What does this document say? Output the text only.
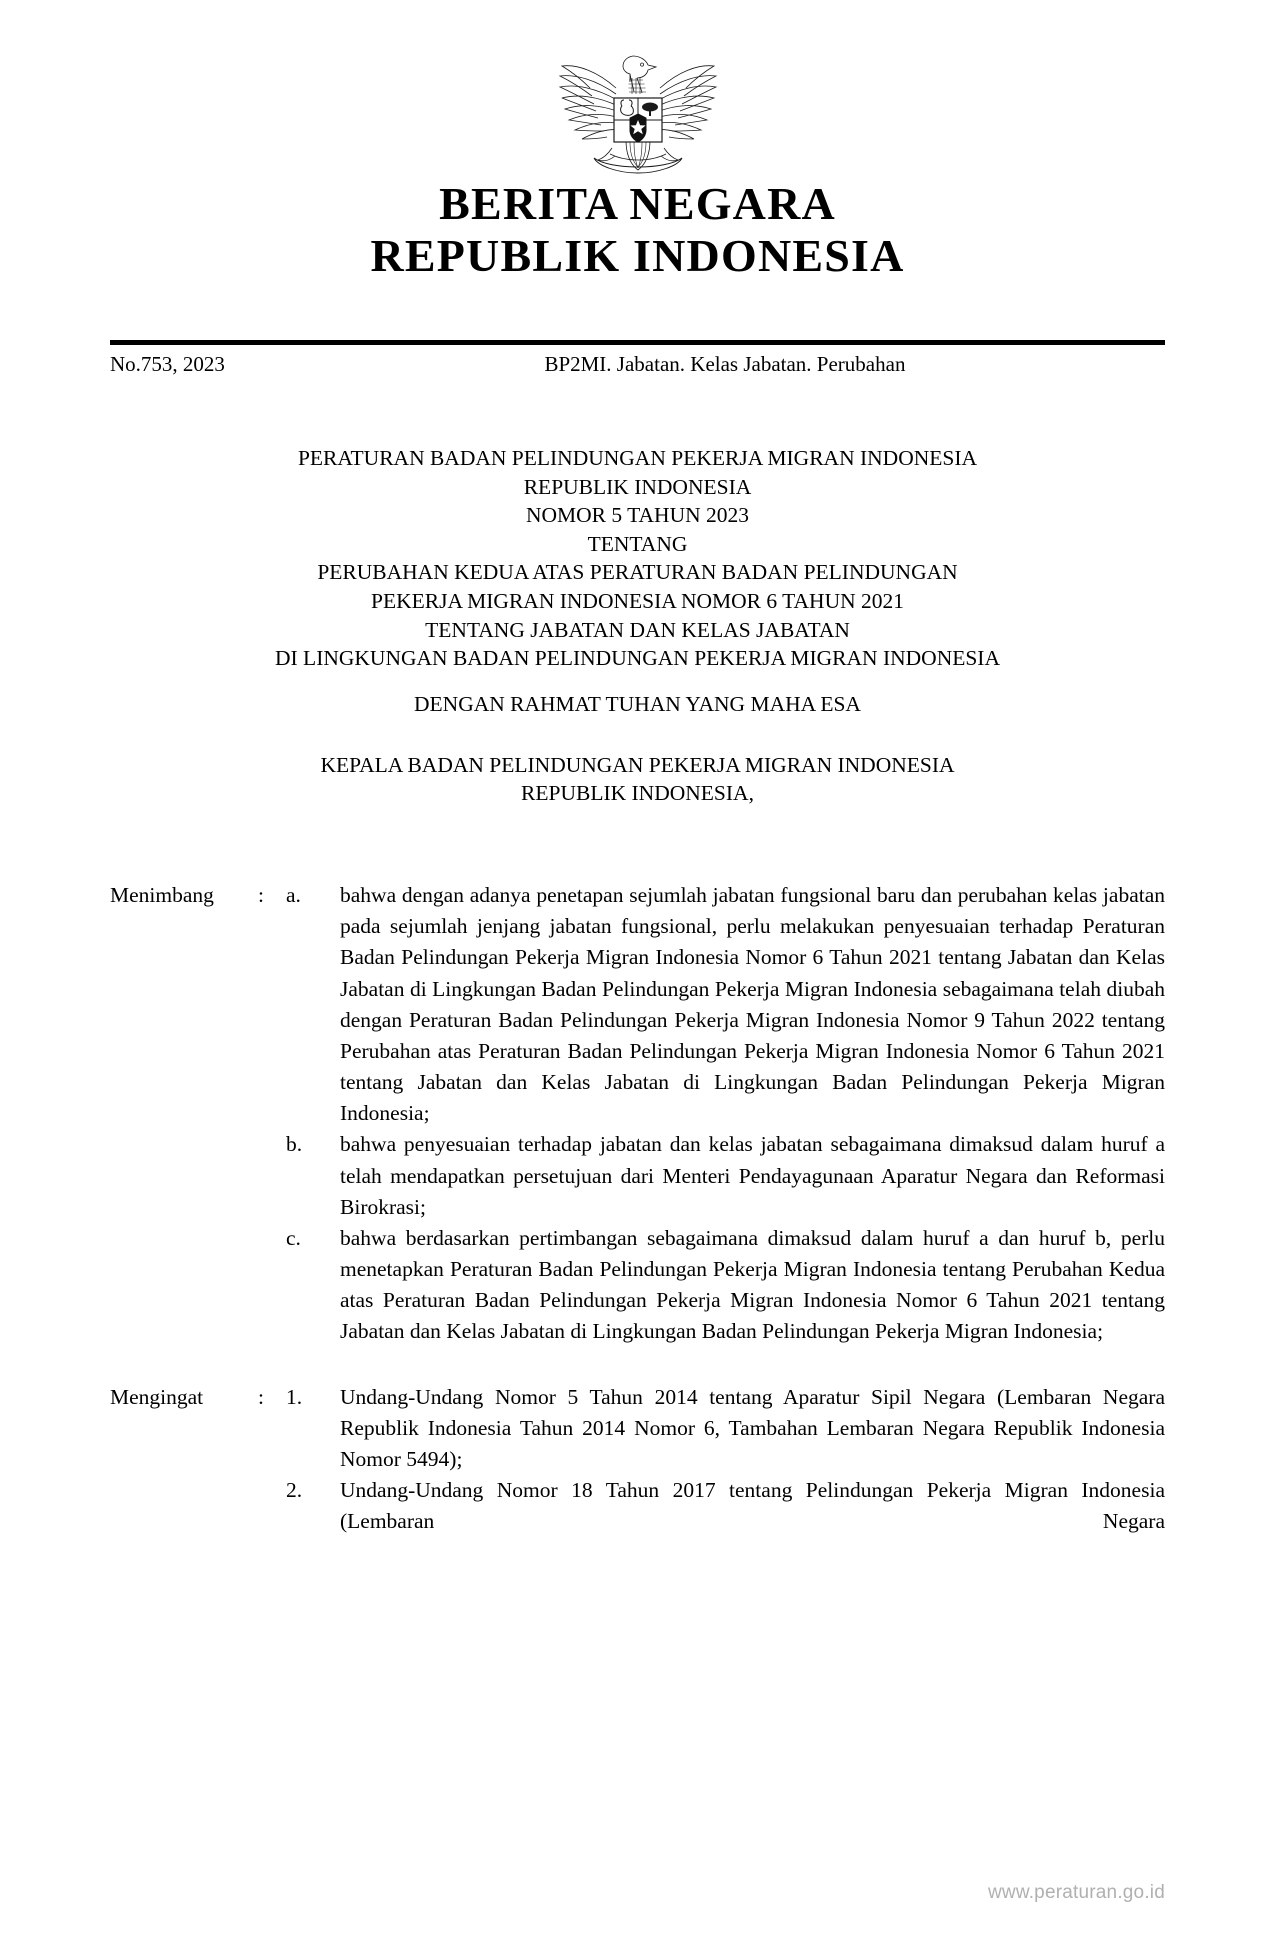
BERITA NEGARA
REPUBLIK INDONESIA
No.753, 2023	BP2MI. Jabatan. Kelas Jabatan. Perubahan
PERATURAN BADAN PELINDUNGAN PEKERJA MIGRAN INDONESIA
REPUBLIK INDONESIA
NOMOR 5 TAHUN 2023
TENTANG
PERUBAHAN KEDUA ATAS PERATURAN BADAN PELINDUNGAN
PEKERJA MIGRAN INDONESIA NOMOR 6 TAHUN 2021
TENTANG JABATAN DAN KELAS JABATAN
DI LINGKUNGAN BADAN PELINDUNGAN PEKERJA MIGRAN INDONESIA
DENGAN RAHMAT TUHAN YANG MAHA ESA
KEPALA BADAN PELINDUNGAN PEKERJA MIGRAN INDONESIA
REPUBLIK INDONESIA,
Menimbang	:	a.	bahwa dengan adanya penetapan sejumlah jabatan fungsional baru dan perubahan kelas jabatan pada sejumlah jenjang jabatan fungsional, perlu melakukan penyesuaian terhadap Peraturan Badan Pelindungan Pekerja Migran Indonesia Nomor 6 Tahun 2021 tentang Jabatan dan Kelas Jabatan di Lingkungan Badan Pelindungan Pekerja Migran Indonesia sebagaimana telah diubah dengan Peraturan Badan Pelindungan Pekerja Migran Indonesia Nomor 9 Tahun 2022 tentang Perubahan atas Peraturan Badan Pelindungan Pekerja Migran Indonesia Nomor 6 Tahun 2021 tentang Jabatan dan Kelas Jabatan di Lingkungan Badan Pelindungan Pekerja Migran Indonesia;
b.	bahwa penyesuaian terhadap jabatan dan kelas jabatan sebagaimana dimaksud dalam huruf a telah mendapatkan persetujuan dari Menteri Pendayagunaan Aparatur Negara dan Reformasi Birokrasi;
c.	bahwa berdasarkan pertimbangan sebagaimana dimaksud dalam huruf a dan huruf b, perlu menetapkan Peraturan Badan Pelindungan Pekerja Migran Indonesia tentang Perubahan Kedua atas Peraturan Badan Pelindungan Pekerja Migran Indonesia Nomor 6 Tahun 2021 tentang Jabatan dan Kelas Jabatan di Lingkungan Badan Pelindungan Pekerja Migran Indonesia;
Mengingat	:	1.	Undang-Undang Nomor 5 Tahun 2014 tentang Aparatur Sipil Negara (Lembaran Negara Republik Indonesia Tahun 2014 Nomor 6, Tambahan Lembaran Negara Republik Indonesia Nomor 5494);
2.	Undang-Undang Nomor 18 Tahun 2017 tentang Pelindungan Pekerja Migran Indonesia (Lembaran Negara
www.peraturan.go.id
